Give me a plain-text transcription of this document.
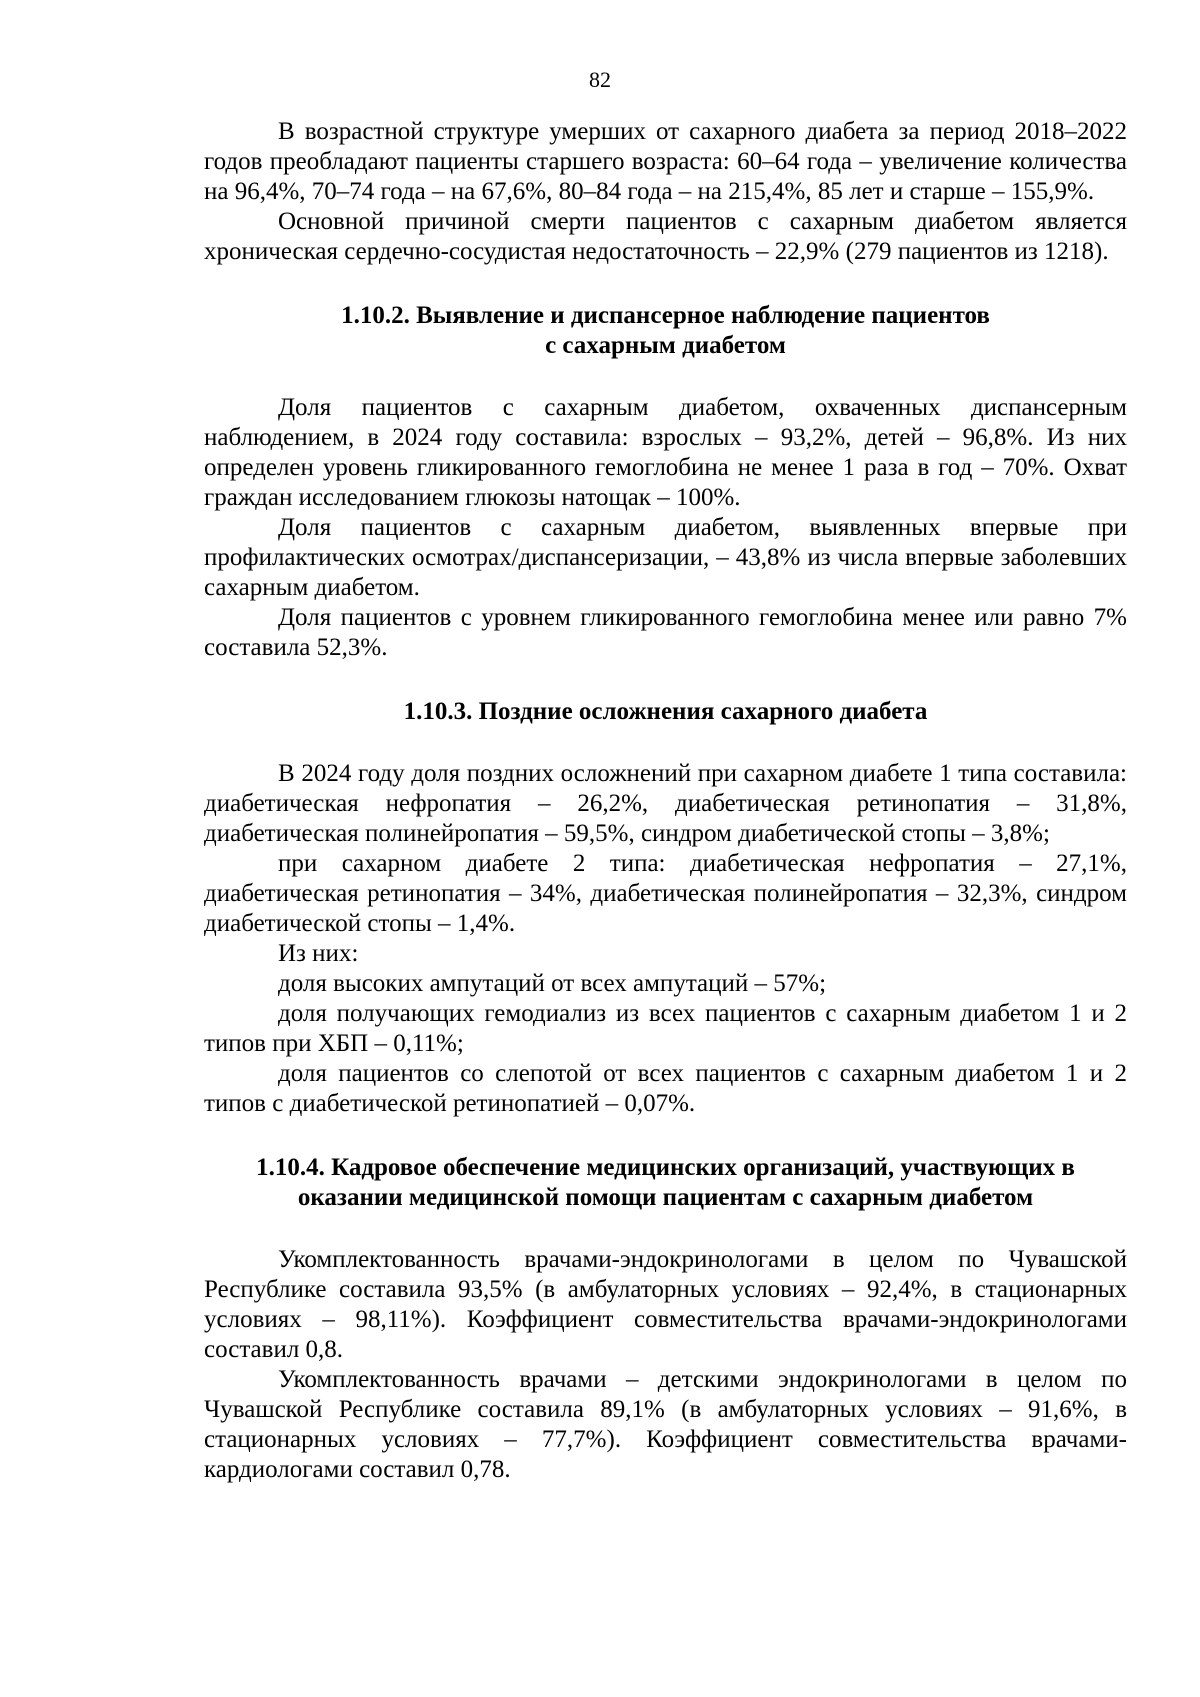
82

В возрастной структуре умерших от сахарного диабета за период 2018–2022 годов преобладают пациенты старшего возраста: 60–64 года – увеличение количества на 96,4%, 70–74 года – на 67,6%, 80–84 года – на 215,4%, 85 лет и старше – 155,9%.

Основной причиной смерти пациентов с сахарным диабетом является хроническая сердечно-сосудистая недостаточность – 22,9% (279 пациентов из 1218).

1.10.2. Выявление и диспансерное наблюдение пациентов
с сахарным диабетом

Доля пациентов с сахарным диабетом, охваченных диспансерным наблюдением, в 2024 году составила: взрослых – 93,2%, детей – 96,8%. Из них определен уровень гликированного гемоглобина не менее 1 раза в год – 70%. Охват граждан исследованием глюкозы натощак – 100%.

Доля пациентов с сахарным диабетом, выявленных впервые при профилактических осмотрах/диспансеризации, – 43,8% из числа впервые заболевших сахарным диабетом.

Доля пациентов с уровнем гликированного гемоглобина менее или равно 7% составила 52,3%.

1.10.3. Поздние осложнения сахарного диабета

В 2024 году доля поздних осложнений при сахарном диабете 1 типа составила: диабетическая нефропатия – 26,2%, диабетическая ретинопатия – 31,8%, диабетическая полинейропатия – 59,5%, синдром диабетической стопы – 3,8%;

при сахарном диабете 2 типа: диабетическая нефропатия – 27,1%, диабетическая ретинопатия – 34%, диабетическая полинейропатия – 32,3%, синдром диабетической стопы – 1,4%.

Из них:

доля высоких ампутаций от всех ампутаций – 57%;

доля получающих гемодиализ из всех пациентов с сахарным диабетом 1 и 2 типов при ХБП – 0,11%;

доля пациентов со слепотой от всех пациентов с сахарным диабетом 1 и 2 типов с диабетической ретинопатией – 0,07%.

1.10.4. Кадровое обеспечение медицинских организаций, участвующих в
оказании медицинской помощи пациентам с сахарным диабетом

Укомплектованность врачами-эндокринологами в целом по Чувашской Республике составила 93,5% (в амбулаторных условиях – 92,4%, в стационарных условиях – 98,11%). Коэффициент совместительства врачами-эндокринологами составил 0,8.

Укомплектованность врачами – детскими эндокринологами в целом по Чувашской Республике составила 89,1% (в амбулаторных условиях – 91,6%, в стационарных условиях – 77,7%). Коэффициент совместительства врачами-кардиологами составил 0,78.
